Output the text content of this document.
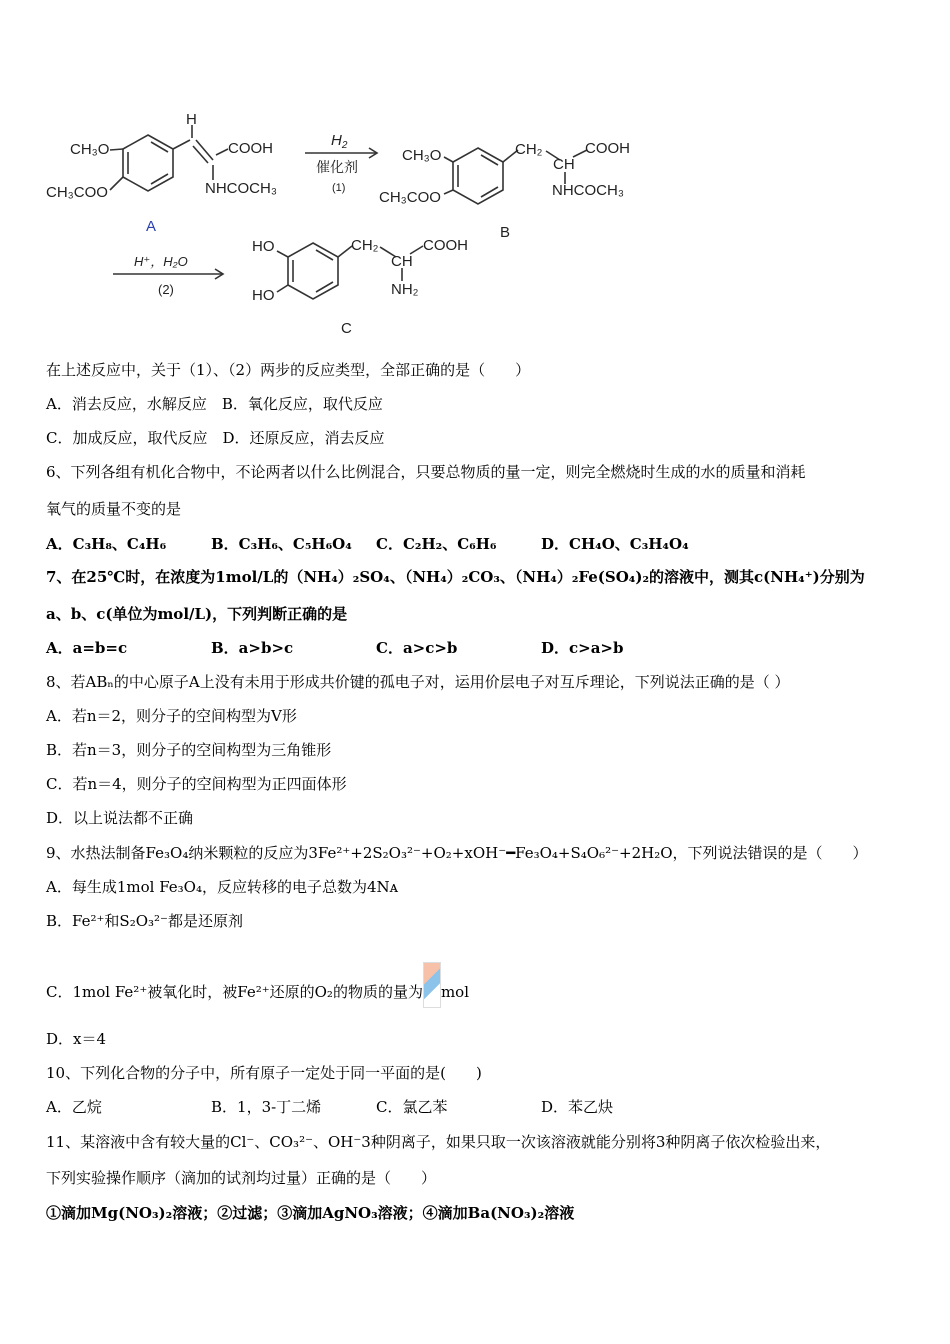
H
CH₃O
CH₃COO
COOH
NHCOCH₃
A
$H_2$
催化剂
(1)
CH₃O
CH₃COO
CH₂
CH
COOH
NHCOCH₃
B
H⁺，H₂O
(2)
HO
HO
CH₂
CH
COOH
NH₂
C
在上述反应中，关于（1）、（2）两步的反应类型，全部正确的是（　　）
A．消去反应，水解反应　B．氧化反应，取代反应
C．加成反应，取代反应　D．还原反应，消去反应
6、下列各组有机化合物中，不论两者以什么比例混合，只要总物质的量一定，则完全燃烧时生成的水的质量和消耗
氧气的质量不变的是
A．C₃H₈、C₄H₆	B．C₃H₆、C₅H₆O₄ C．C₂H₂、C₆H₆	D．CH₄O、C₃H₄O₄
7、在25℃时，在浓度为1mol/L的（NH₄）₂SO₄、（NH₄）₂CO₃、（NH₄）₂Fe(SO₄)₂的溶液中，测其c(NH₄⁺)分别为
a、b、c(单位为mol/L)，下列判断正确的是
A．a=b=c	B．a>b>c	C．a>c>b	D．c>a>b
8、若ABₙ的中心原子A上没有未用于形成共价键的孤电子对，运用价层电子对互斥理论，下列说法正确的是（ ）
A．若n＝2，则分子的空间构型为V形
B．若n＝3，则分子的空间构型为三角锥形
C．若n＝4，则分子的空间构型为正四面体形
D．以上说法都不正确
9、水热法制备Fe₃O₄纳米颗粒的反应为3Fe²⁺+2S₂O₃²⁻+O₂+xOH⁻━Fe₃O₄+S₄O₆²⁻+2H₂O，下列说法错误的是（　　）
A．每生成1mol Fe₃O₄，反应转移的电子总数为4Nᴀ
B．Fe²⁺和S₂O₃²⁻都是还原剂
C．1mol Fe²⁺被氧化时，被Fe²⁺还原的O₂的物质的量为 mol
D．x＝4
10、下列化合物的分子中，所有原子一定处于同一平面的是(　　)
A．乙烷	B．1，3-丁二烯	C．氯乙苯	D．苯乙炔
11、某溶液中含有较大量的Cl⁻、CO₃²⁻、OH⁻3种阴离子，如果只取一次该溶液就能分别将3种阴离子依次检验出来，
下列实验操作顺序（滴加的试剂均过量）正确的是（　　）
①滴加Mg(NO₃)₂溶液；②过滤；③滴加AgNO₃溶液；④滴加Ba(NO₃)₂溶液
